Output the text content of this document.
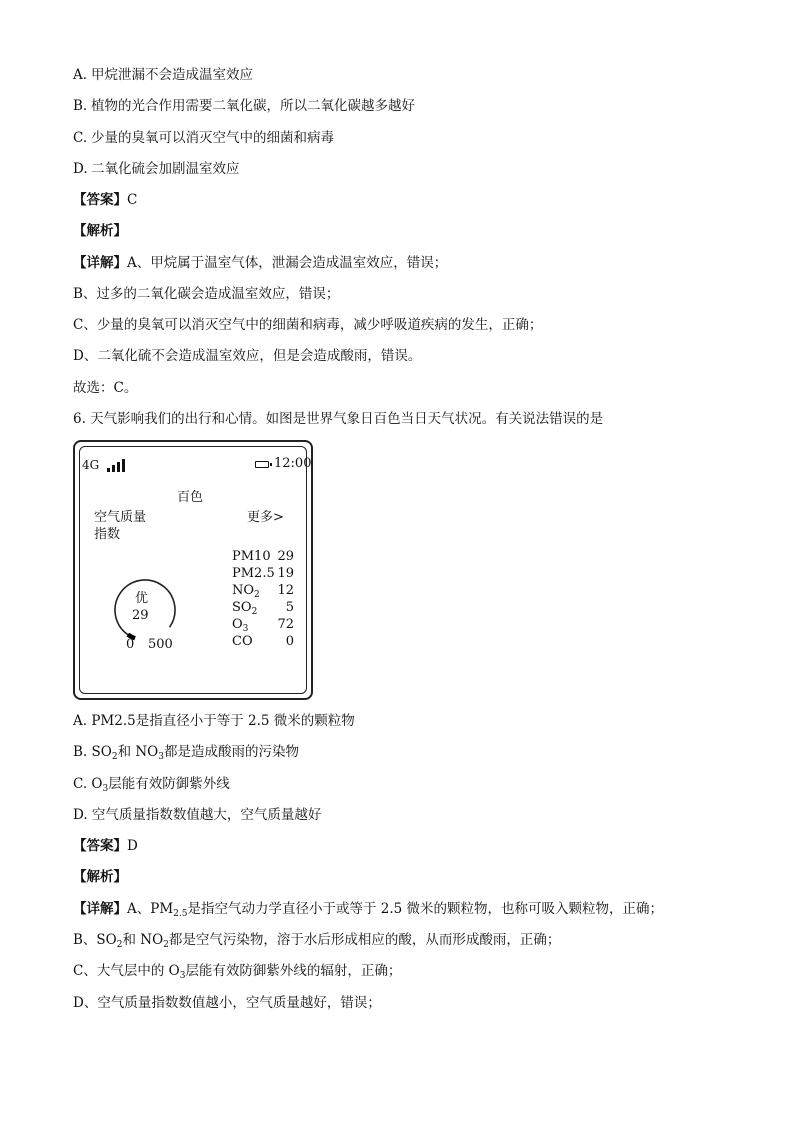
A. 甲烷泄漏不会造成温室效应
B. 植物的光合作用需要二氧化碳，所以二氧化碳越多越好
C. 少量的臭氧可以消灭空气中的细菌和病毒
D. 二氧化硫会加剧温室效应
【答案】C
【解析】
【详解】A、甲烷属于温室气体，泄漏会造成温室效应，错误；
B、过多的二氧化碳会造成温室效应，错误；
C、少量的臭氧可以消灭空气中的细菌和病毒，减少呼吸道疾病的发生，正确；
D、二氧化硫不会造成温室效应，但是会造成酸雨，错误。
故选：C。
6. 天气影响我们的出行和心情。如图是世界气象日百色当日天气状况。有关说法错误的是
4G	12:00
百色
空气质量
指数
更多>
优
29
0 500
PM10 29
PM2.5 19
$NO_2$ 12
$SO_2$ 5
$O_3$ 72
CO	0
A. PM2.5是指直径小于等于 2.5 微米的颗粒物
B. $SO_2$和 $NO_3$都是造成酸雨的污染物
C. $O_3$层能有效防御紫外线
D. 空气质量指数数值越大，空气质量越好
【答案】D
【解析】
【详解】A、$PM_{2.5}$是指空气动力学直径小于或等于 2.5 微米的颗粒物，也称可吸入颗粒物，正确；
B、$SO_2$和 $NO_2$都是空气污染物，溶于水后形成相应的酸，从而形成酸雨，正确；
C、大气层中的 $O_3$层能有效防御紫外线的辐射，正确；
D、空气质量指数数值越小，空气质量越好，错误；
